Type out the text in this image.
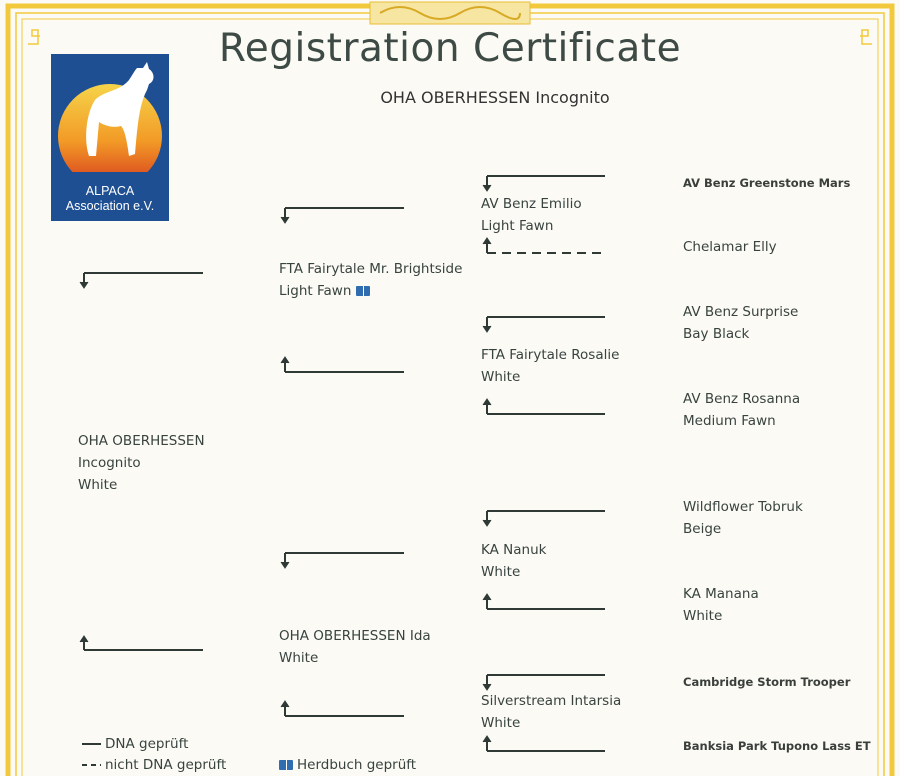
ALPACA
Association e.V.
Registration Certificate
OHA OBERHESSEN Incognito
OHA OBERHESSEN
Incognito
White
FTA Fairytale Mr. Brightside
Light Fawn
OHA OBERHESSEN Ida
White
AV Benz Emilio
Light Fawn
FTA Fairytale Rosalie
White
KA Nanuk
White
Silverstream Intarsia
White
AV Benz Greenstone Mars
Chelamar Elly
AV Benz Surprise
Bay Black
AV Benz Rosanna
Medium Fawn
Wildflower Tobruk
Beige
KA Manana
White
Cambridge Storm Trooper
Banksia Park Tupono Lass ET
DNA geprüft
nicht DNA geprüft	Herdbuch geprüft
